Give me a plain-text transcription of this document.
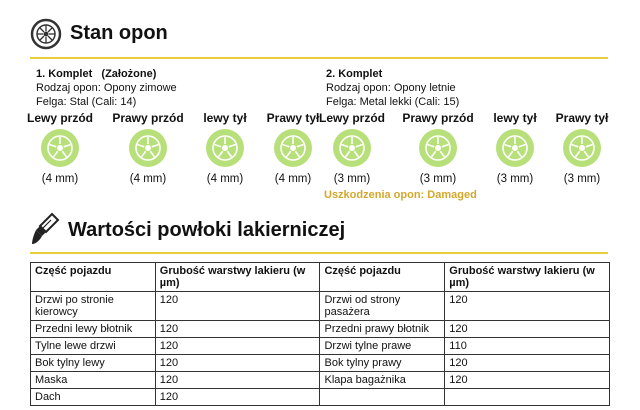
Stan opon
1. Komplet (Założone)
Rodzaj opon: Opony zimowe
Felga: Stal (Cali: 14)
2. Komplet
Rodzaj opon: Opony letnie
Felga: Metal lekki (Cali: 15)
Lewy przód	Prawy przód	lewy tył	Prawy tył Lewy przód	Prawy przód	lewy tył	Prawy tył
(4 mm)	(4 mm)	(4 mm)	(4 mm)	(3 mm)	(3 mm)	(3 mm)	(3 mm)
Uszkodzenia opon: Damaged
Wartości powłoki lakierniczej
Część pojazdu	Grubość warstwy lakieru (w µm)	Część pojazdu	Grubość warstwy lakieru (w µm)
Drzwi po stronie kierowcy	120	Drzwi od strony pasażera	120
Przedni lewy błotnik	120	Przedni prawy błotnik	120
Tylne lewe drzwi	120	Drzwi tylne prawe	110
Bok tylny lewy	120	Bok tylny prawy	120
Maska	120	Klapa bagażnika	120
Dach	120		
